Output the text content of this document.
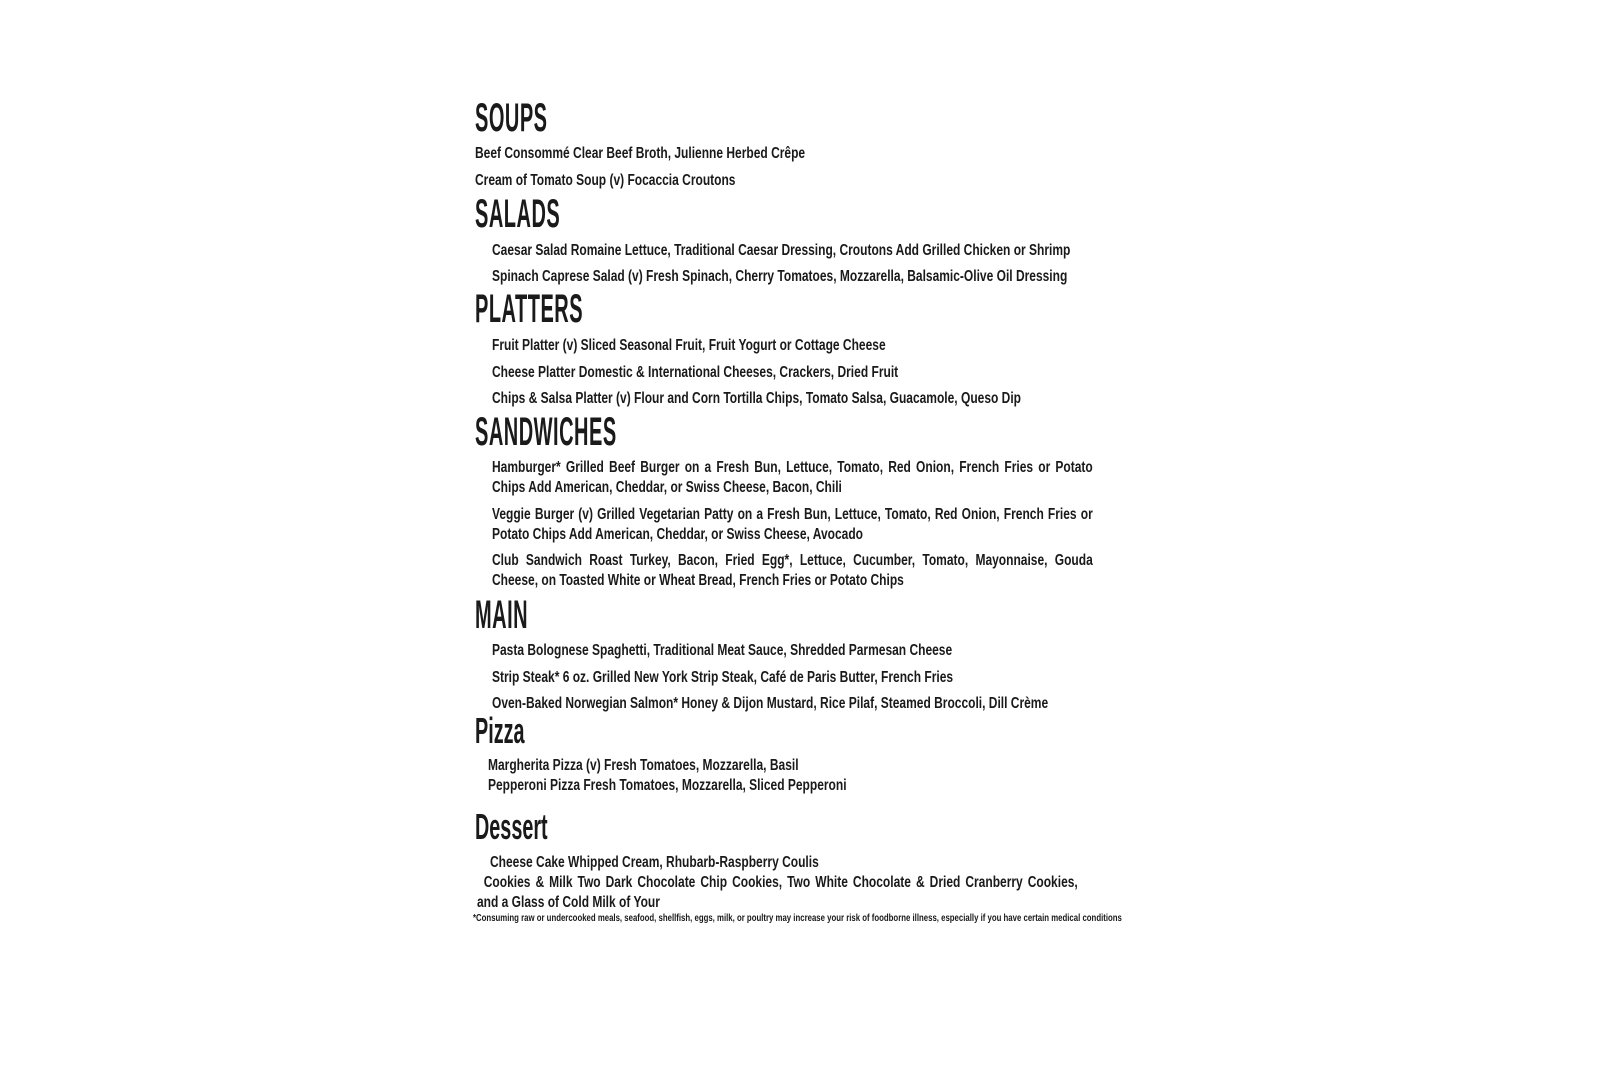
SOUPS
Beef Consommé Clear Beef Broth, Julienne Herbed Crêpe
Cream of Tomato Soup (v) Focaccia Croutons
SALADS
Caesar Salad Romaine Lettuce, Traditional Caesar Dressing, Croutons Add Grilled Chicken or Shrimp
Spinach Caprese Salad (v) Fresh Spinach, Cherry Tomatoes, Mozzarella, Balsamic-Olive Oil Dressing
PLATTERS
Fruit Platter (v) Sliced Seasonal Fruit, Fruit Yogurt or Cottage Cheese
Cheese Platter Domestic & International Cheeses, Crackers, Dried Fruit
Chips & Salsa Platter (v) Flour and Corn Tortilla Chips, Tomato Salsa, Guacamole, Queso Dip
SANDWICHES
Hamburger* Grilled Beef Burger on a Fresh Bun, Lettuce, Tomato, Red Onion, French Fries or Potato Chips Add American, Cheddar, or Swiss Cheese, Bacon, Chili
Veggie Burger (v) Grilled Vegetarian Patty on a Fresh Bun, Lettuce, Tomato, Red Onion, French Fries or Potato Chips Add American, Cheddar, or Swiss Cheese, Avocado
Club Sandwich Roast Turkey, Bacon, Fried Egg*, Lettuce, Cucumber, Tomato, Mayonnaise, Gouda Cheese, on Toasted White or Wheat Bread, French Fries or Potato Chips
MAIN
Pasta Bolognese Spaghetti, Traditional Meat Sauce, Shredded Parmesan Cheese
Strip Steak* 6 oz. Grilled New York Strip Steak, Café de Paris Butter, French Fries
Oven-Baked Norwegian Salmon* Honey & Dijon Mustard, Rice Pilaf, Steamed Broccoli, Dill Crème
Pizza
Margherita Pizza (v) Fresh Tomatoes, Mozzarella, Basil
Pepperoni Pizza Fresh Tomatoes, Mozzarella, Sliced Pepperoni
Dessert
Cheese Cake Whipped Cream, Rhubarb-Raspberry Coulis
Cookies & Milk Two Dark Chocolate Chip Cookies, Two White Chocolate & Dried Cranberry Cookies, and a Glass of Cold Milk of Your
*Consuming raw or undercooked meals, seafood, shellfish, eggs, milk, or poultry may increase your risk of foodborne illness, especially if you have certain medical conditions
